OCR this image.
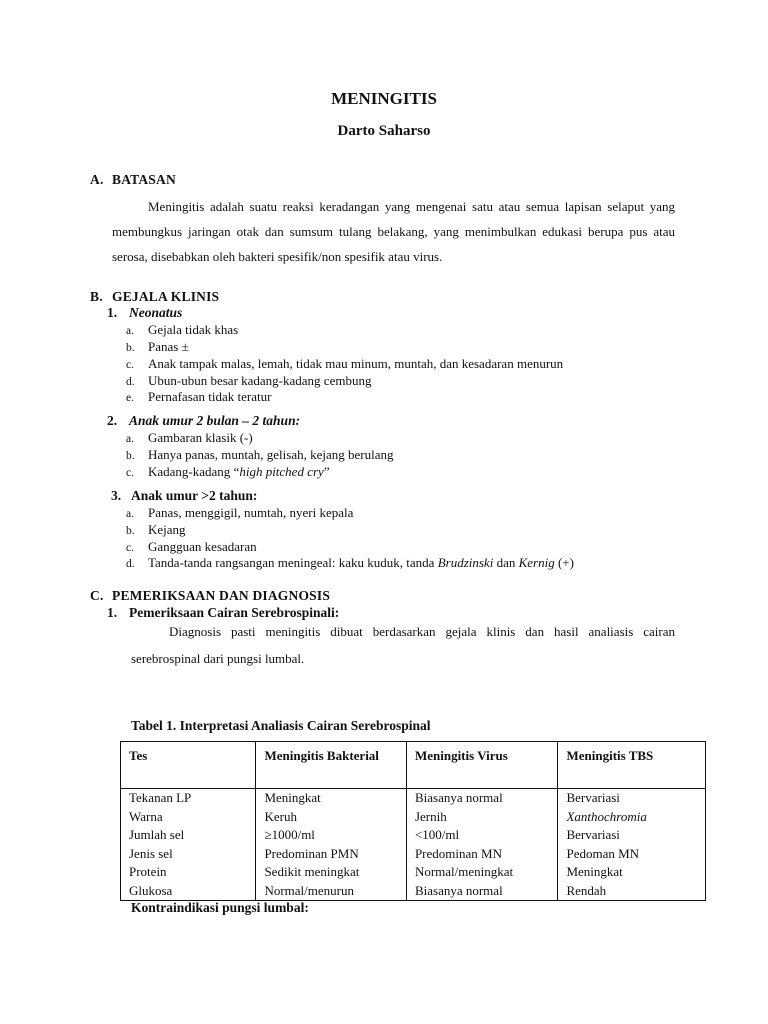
MENINGITIS
Darto Saharso
A. BATASAN
Meningitis adalah suatu reaksi keradangan yang mengenai satu atau semua lapisan selaput yang membungkus jaringan otak dan sumsum tulang belakang, yang menimbulkan edukasi berupa pus atau serosa, disebabkan oleh bakteri spesifik/non spesifik atau virus.
B. GEJALA KLINIS
1. Neonatus
a. Gejala tidak khas
b. Panas ±
c. Anak tampak malas, lemah, tidak mau minum, muntah, dan kesadaran menurun
d. Ubun-ubun besar kadang-kadang cembung
e. Pernafasan tidak teratur
2. Anak umur 2 bulan – 2 tahun:
a. Gambaran klasik (-)
b. Hanya panas, muntah, gelisah, kejang berulang
c. Kadang-kadang “high pitched cry”
3. Anak umur >2 tahun:
a. Panas, menggigil, numtah, nyeri kepala
b. Kejang
c. Gangguan kesadaran
d. Tanda-tanda rangsangan meningeal: kaku kuduk, tanda Brudzinski dan Kernig (+)
C. PEMERIKSAAN DAN DIAGNOSIS
1. Pemeriksaan Cairan Serebrospinali:
Diagnosis pasti meningitis dibuat berdasarkan gejala klinis dan hasil analiasis cairan serebrospinal dari pungsi lumbal.
Tabel 1. Interpretasi Analiasis Cairan Serebrospinal
Tes	Meningitis Bakterial	Meningitis Virus	Meningitis TBS
Tekanan LP	Meningkat	Biasanya normal	Bervariasi
Warna	Keruh	Jernih	Xanthochromia
Jumlah sel	≥1000/ml	<100/ml	Bervariasi
Jenis sel	Predominan PMN	Predominan MN	Pedoman MN
Protein	Sedikit meningkat	Normal/meningkat	Meningkat
Glukosa	Normal/menurun	Biasanya normal	Rendah
Kontraindikasi pungsi lumbal:
